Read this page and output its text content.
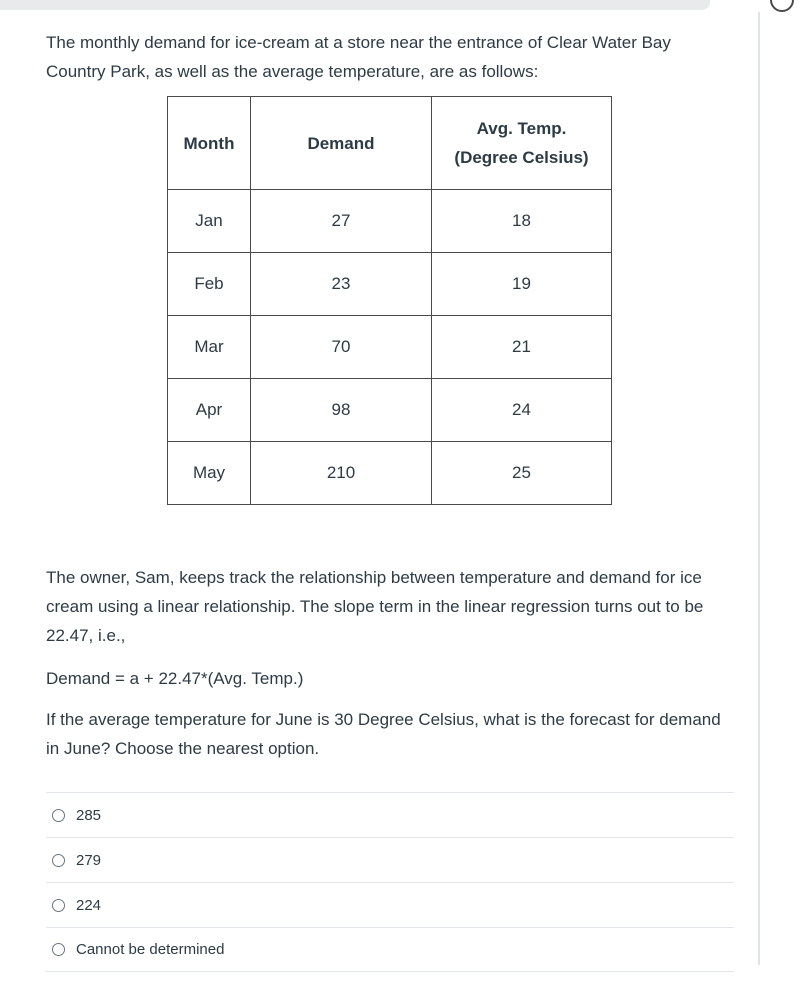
The monthly demand for ice-cream at a store near the entrance of Clear Water Bay Country Park, as well as the average temperature, are as follows:

Month	Demand	Avg. Temp.
(Degree Celsius)
Jan	27	18
Feb	23	19
Mar	70	21
Apr	98	24
May	210	25

The owner, Sam, keeps track the relationship between temperature and demand for ice cream using a linear relationship. The slope term in the linear regression turns out to be 22.47, i.e.,

Demand = a + 22.47*(Avg. Temp.)

If the average temperature for June is 30 Degree Celsius, what is the forecast for demand in June? Choose the nearest option.

285
279
224
Cannot be determined
